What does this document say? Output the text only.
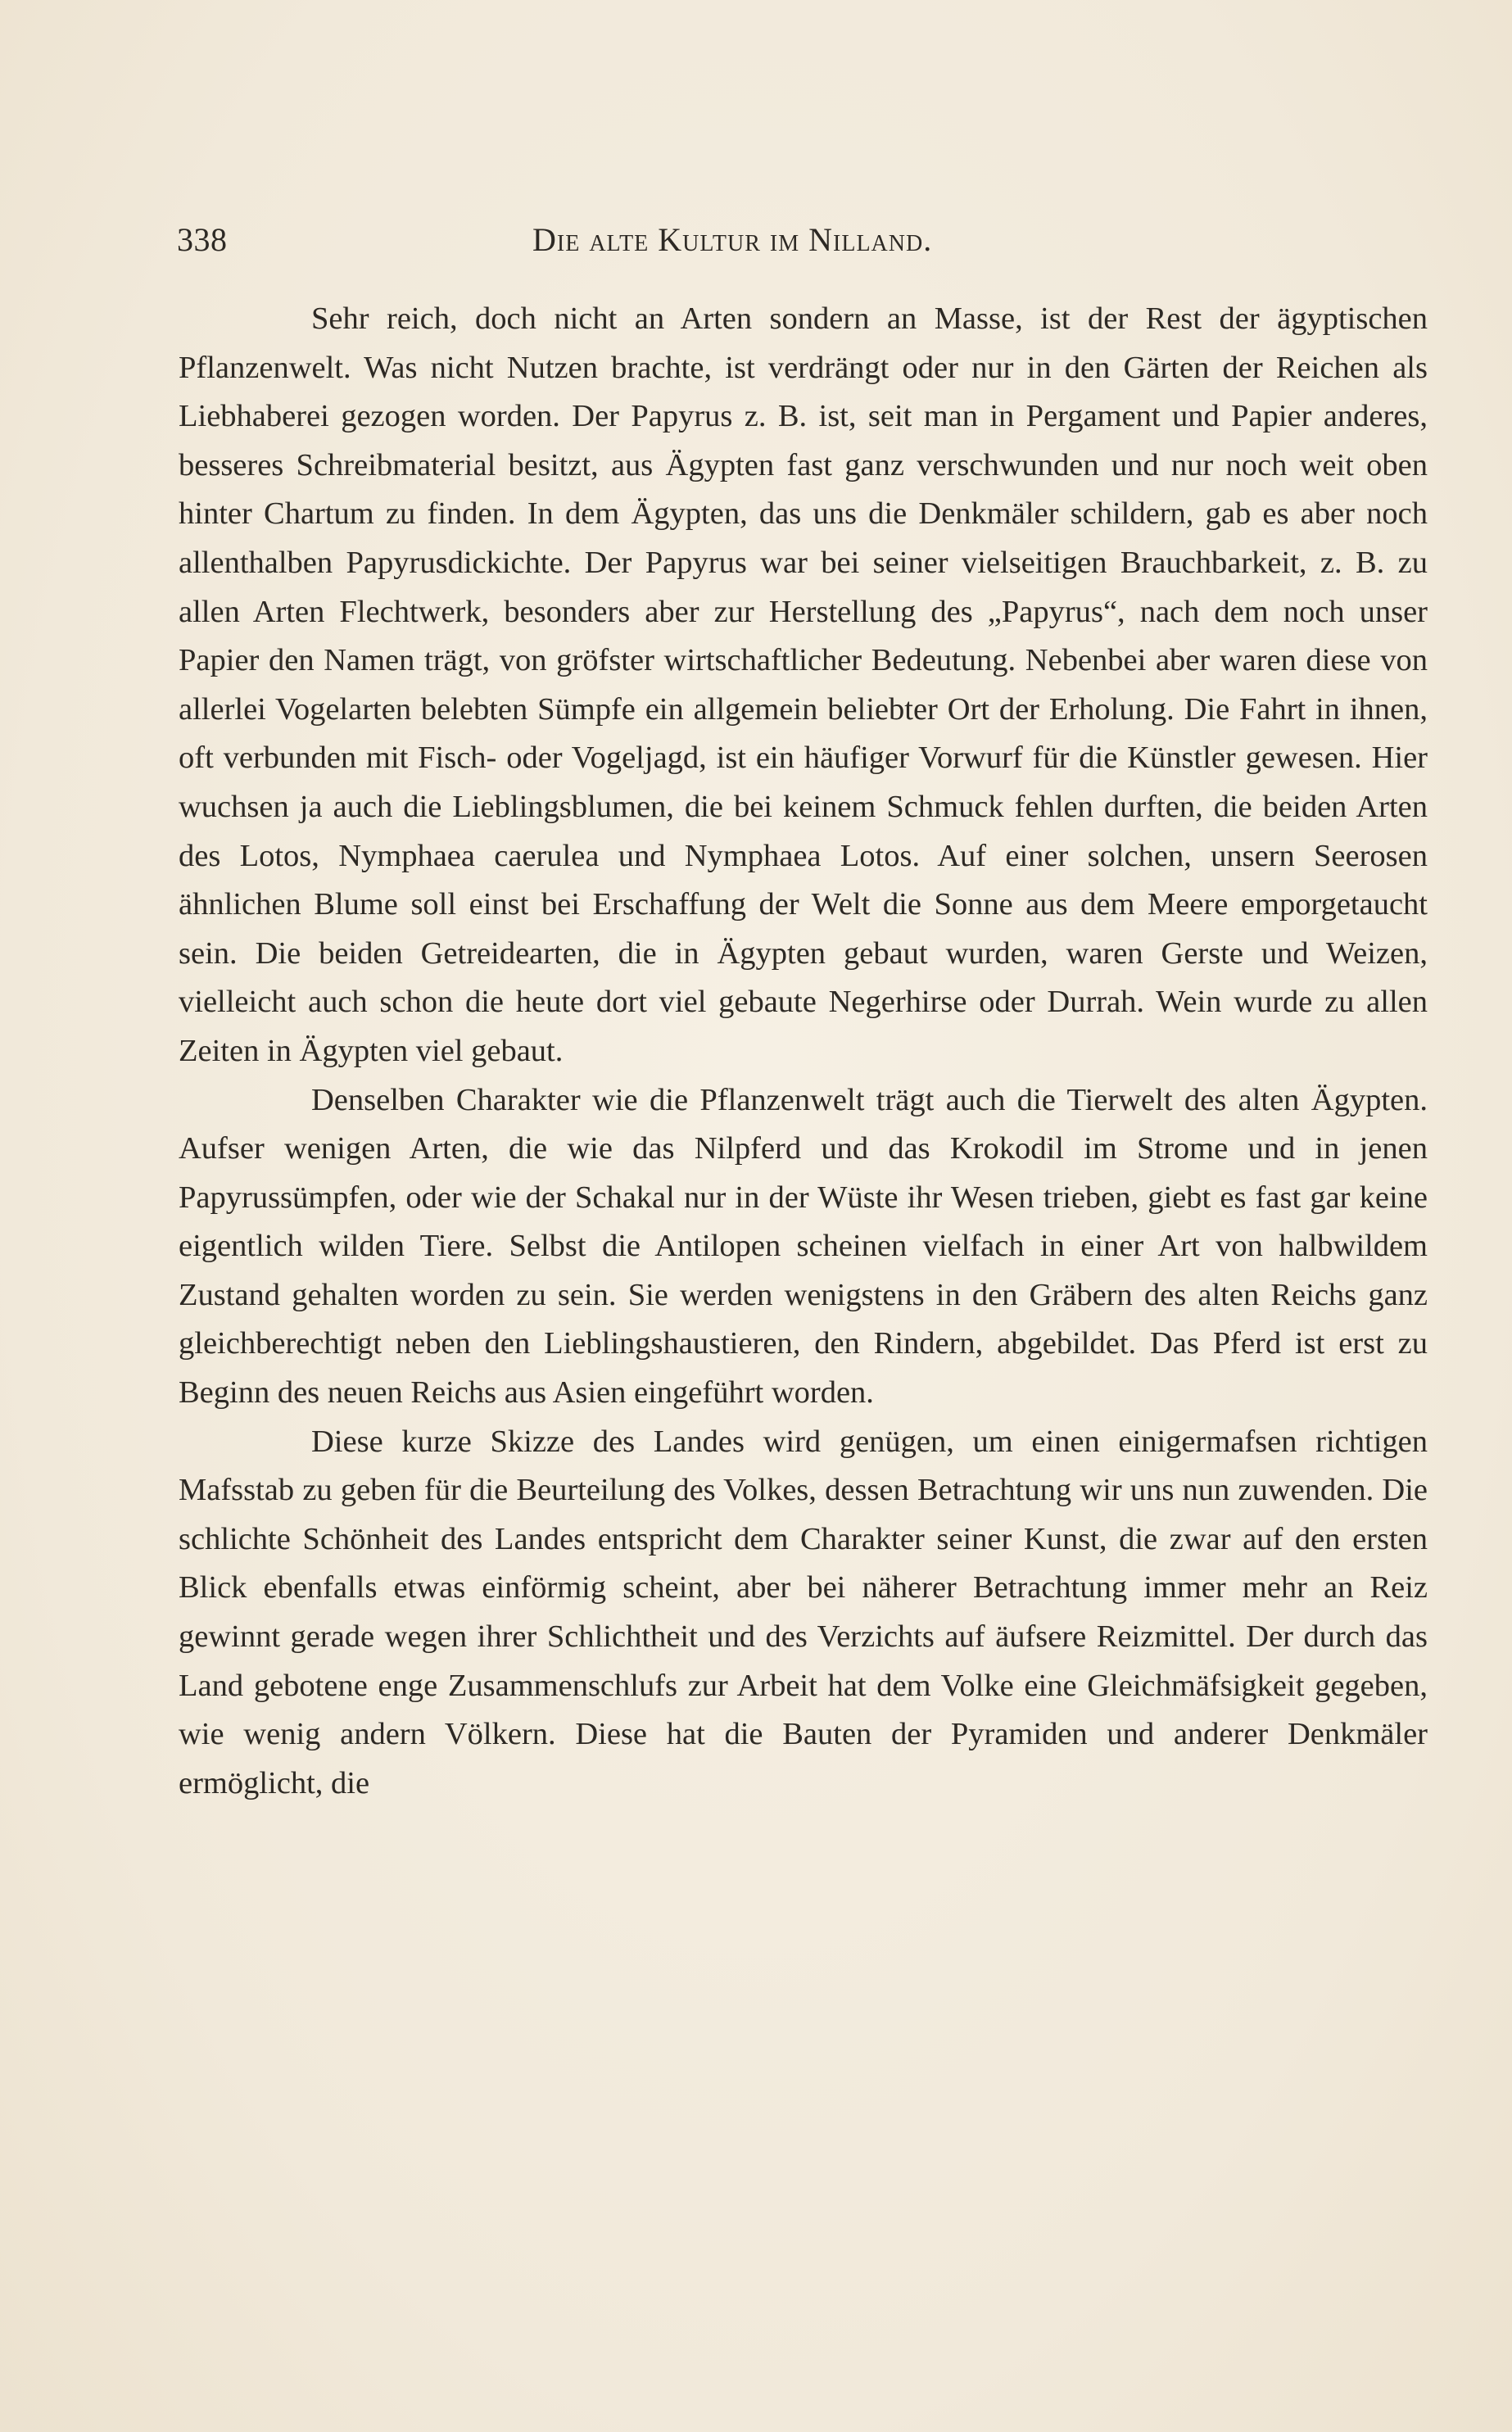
338	Die alte Kultur im Nilland.

Sehr reich, doch nicht an Arten sondern an Masse, ist der Rest der ägyptischen Pflanzenwelt. Was nicht Nutzen brachte, ist verdrängt oder nur in den Gärten der Reichen als Liebhaberei gezogen worden. Der Papyrus z. B. ist, seit man in Pergament und Papier anderes, besseres Schreibmaterial besitzt, aus Ägypten fast ganz verschwunden und nur noch weit oben hinter Chartum zu finden. In dem Ägypten, das uns die Denkmäler schildern, gab es aber noch allenthalben Papyrusdickichte. Der Papyrus war bei seiner vielseitigen Brauchbarkeit, z. B. zu allen Arten Flechtwerk, besonders aber zur Herstellung des „Papyrus“, nach dem noch unser Papier den Namen trägt, von gröfster wirtschaftlicher Bedeutung. Nebenbei aber waren diese von allerlei Vogelarten belebten Sümpfe ein allgemein beliebter Ort der Erholung. Die Fahrt in ihnen, oft verbunden mit Fisch- oder Vogeljagd, ist ein häufiger Vorwurf für die Künstler gewesen. Hier wuchsen ja auch die Lieblingsblumen, die bei keinem Schmuck fehlen durften, die beiden Arten des Lotos, Nymphaea caerulea und Nymphaea Lotos. Auf einer solchen, unsern Seerosen ähnlichen Blume soll einst bei Erschaffung der Welt die Sonne aus dem Meere emporgetaucht sein. Die beiden Getreidearten, die in Ägypten gebaut wurden, waren Gerste und Weizen, vielleicht auch schon die heute dort viel gebaute Negerhirse oder Durrah. Wein wurde zu allen Zeiten in Ägypten viel gebaut.

Denselben Charakter wie die Pflanzenwelt trägt auch die Tierwelt des alten Ägypten. Aufser wenigen Arten, die wie das Nilpferd und das Krokodil im Strome und in jenen Papyrussümpfen, oder wie der Schakal nur in der Wüste ihr Wesen trieben, giebt es fast gar keine eigentlich wilden Tiere. Selbst die Antilopen scheinen vielfach in einer Art von halbwildem Zustand gehalten worden zu sein. Sie werden wenigstens in den Gräbern des alten Reichs ganz gleichberechtigt neben den Lieblingshaustieren, den Rindern, abgebildet. Das Pferd ist erst zu Beginn des neuen Reichs aus Asien eingeführt worden.

Diese kurze Skizze des Landes wird genügen, um einen einigermafsen richtigen Mafsstab zu geben für die Beurteilung des Volkes, dessen Betrachtung wir uns nun zuwenden. Die schlichte Schönheit des Landes entspricht dem Charakter seiner Kunst, die zwar auf den ersten Blick ebenfalls etwas einförmig scheint, aber bei näherer Betrachtung immer mehr an Reiz gewinnt gerade wegen ihrer Schlichtheit und des Verzichts auf äufsere Reizmittel. Der durch das Land gebotene enge Zusammenschlufs zur Arbeit hat dem Volke eine Gleichmäfsigkeit gegeben, wie wenig andern Völkern. Diese hat die Bauten der Pyramiden und anderer Denkmäler ermöglicht, die
